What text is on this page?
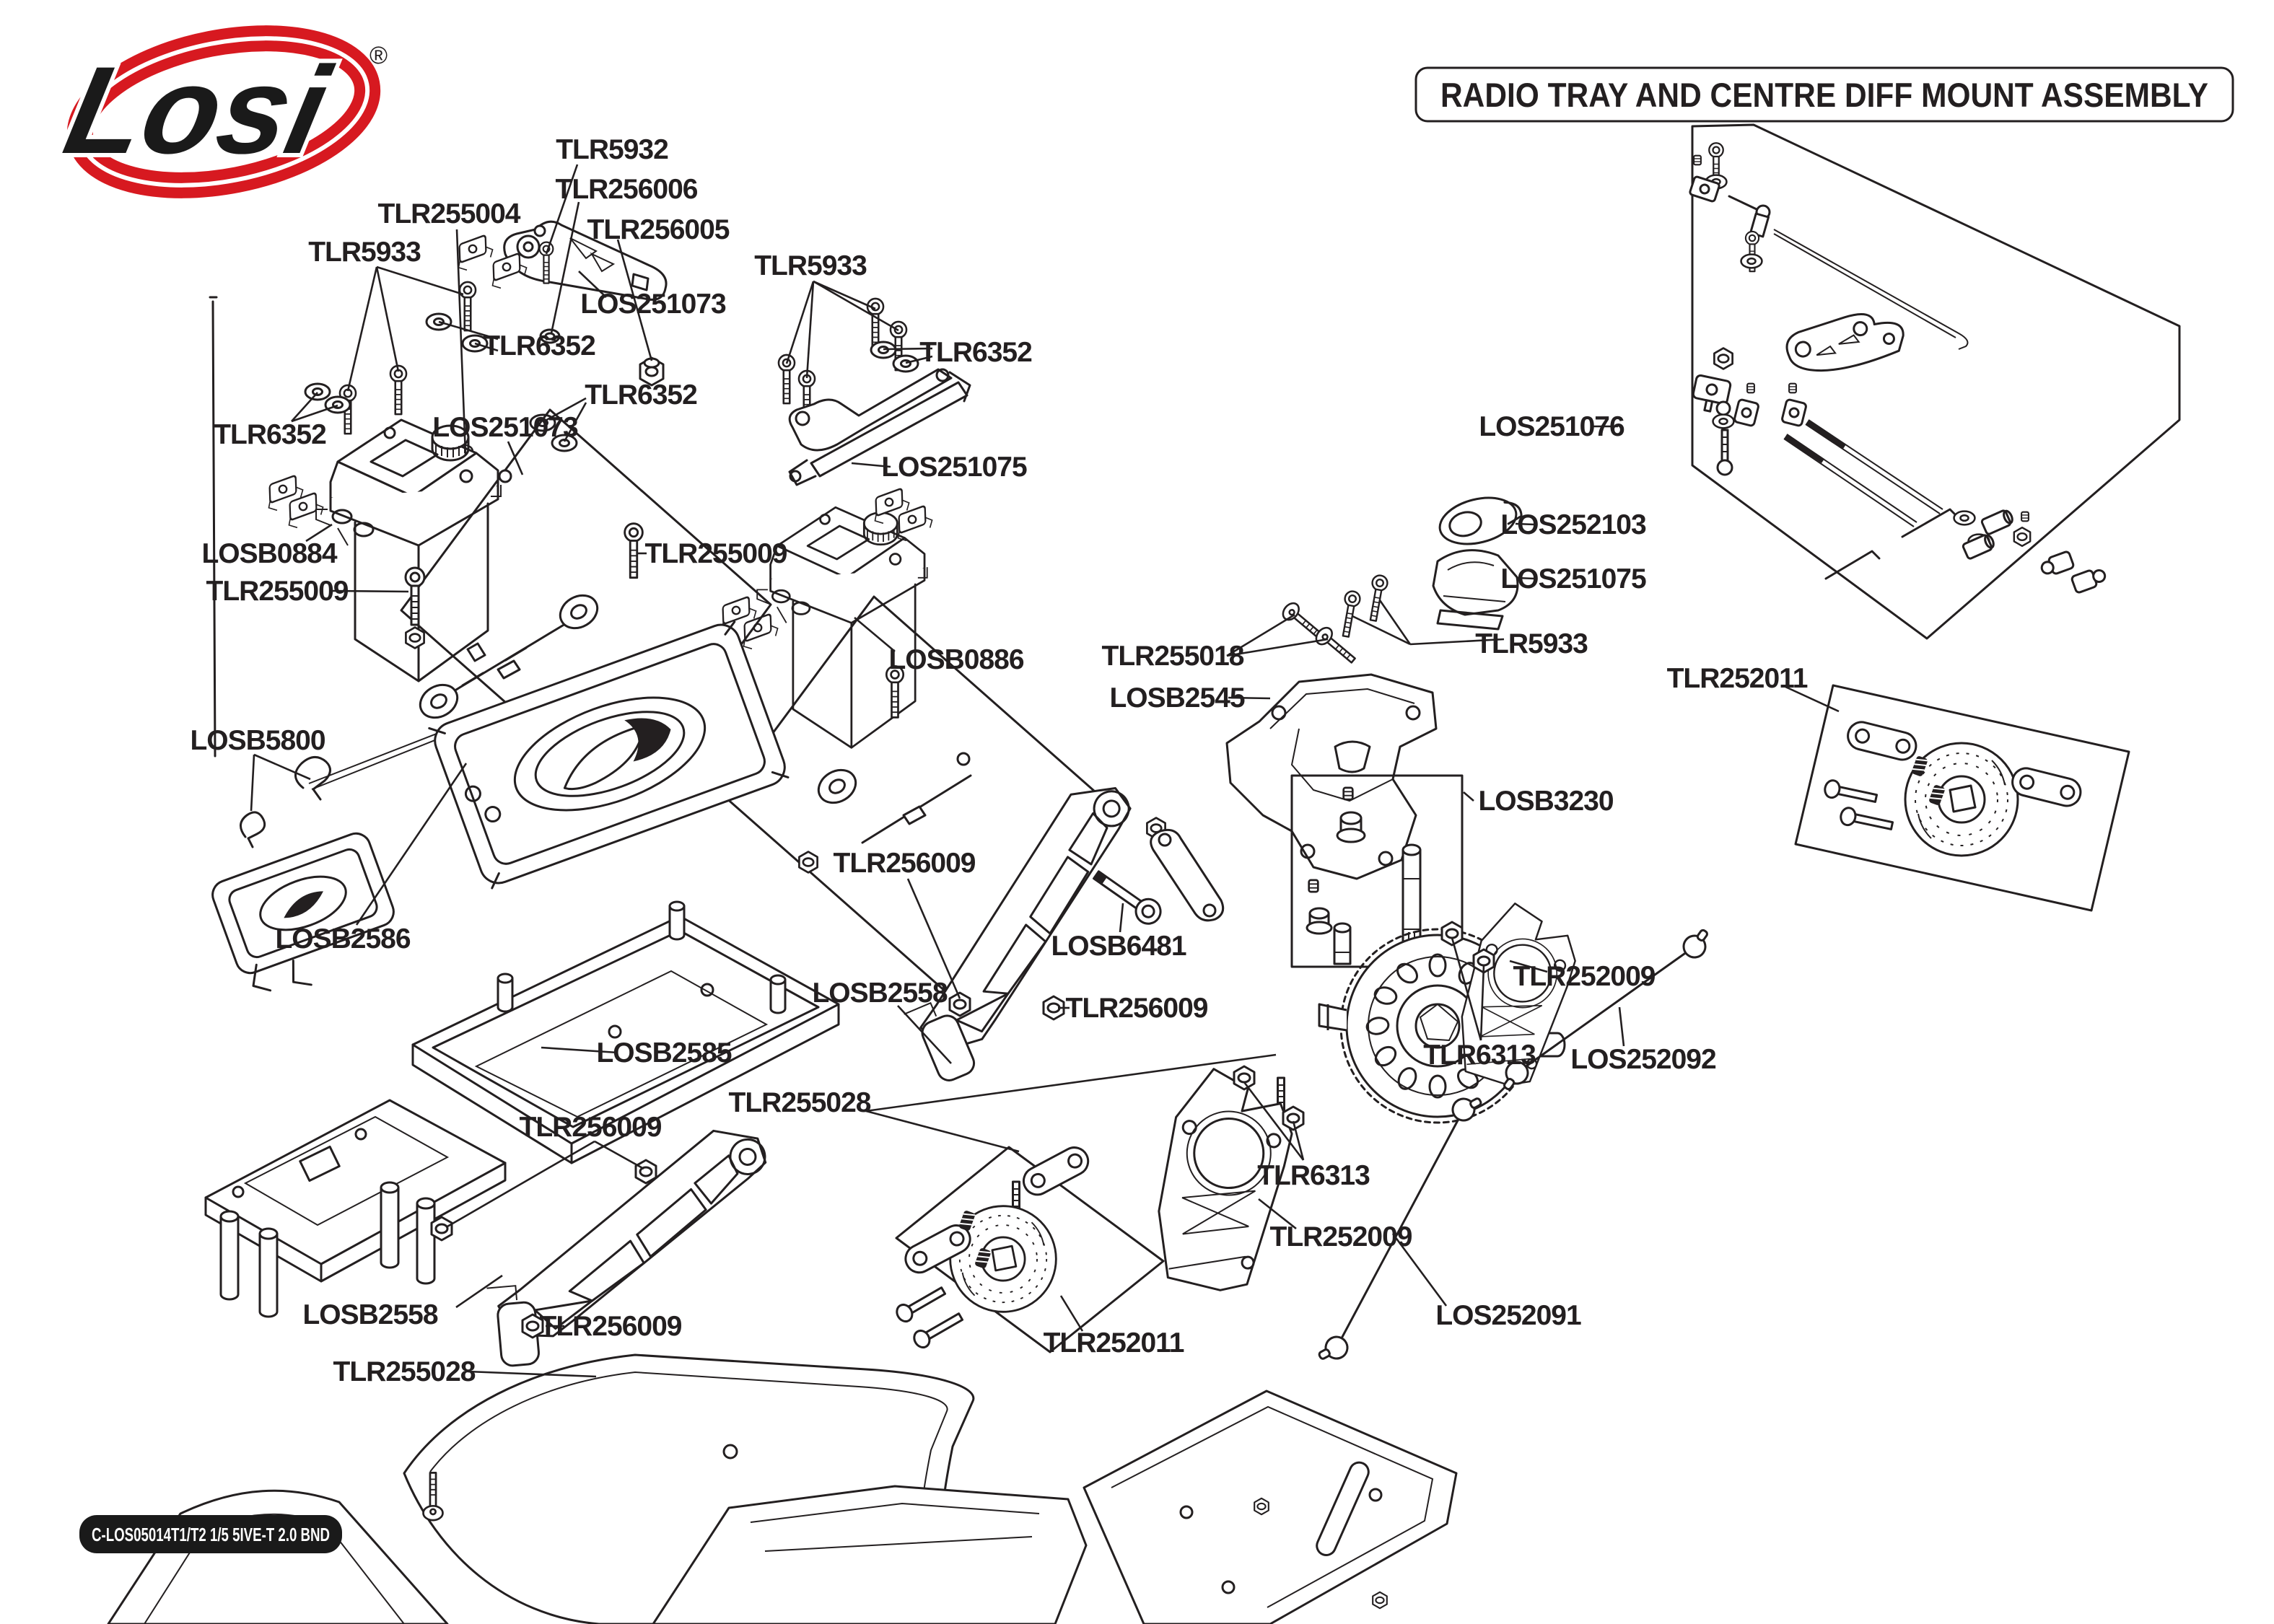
Losi ®
RADIO TRAY AND CENTRE DIFF MOUNT ASSEMBLY
TLR5932
TLR256006
TLR255004
TLR256005
TLR5933
LOS251073
TLR6352
TLR5933
TLR6352
TLR6352
TLR6352	LOS251073
LOS251075
LOSB0884
TLR255009
TLR255009
LOSB0886
LOSB5800
LOSB2586
LOSB2585
TLR256009
LOSB6481
LOSB2558	TLR256009
TLR255028
TLR6313
TLR252009
TLR252011
LOS252091
TLR6313
TLR252009
LOS252092
LOS251076
LOS252103
LOS251075
TLR5933
TLR255018
LOSB2545
LOSB3230
TLR255028
TLR256009
LOSB2558
TLR256009
TLR252011
C-LOS05014T1/T2 1/5 5IVE-T 2.0 BND
